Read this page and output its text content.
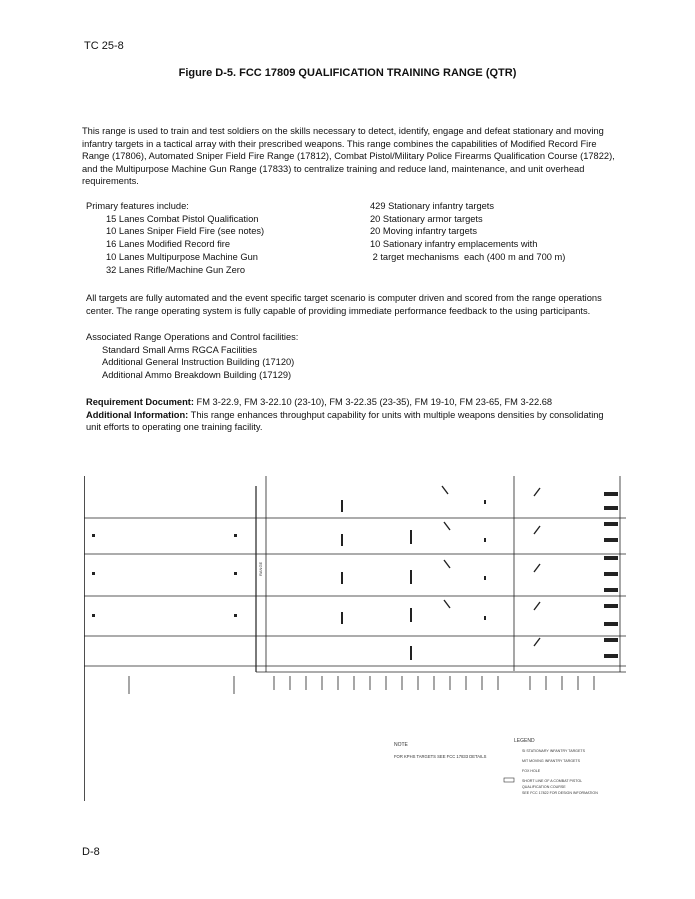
TC 25-8
Figure D-5. FCC 17809 QUALIFICATION TRAINING RANGE (QTR)
This range is used to train and test soldiers on the skills necessary to detect, identify, engage and defeat stationary and moving infantry targets in a tactical array with their prescribed weapons. This range combines the capabilities of Modified Record Fire Range (17806), Automated Sniper Field Fire Range (17812), Combat Pistol/Military Police Firearms Qualification Course (17822), and the Multipurpose Machine Gun Range (17833) to centralize training and reduce land, maintenance, and unit overhead requirements.
Primary features include:
15 Lanes Combat Pistol Qualification
10 Lanes Sniper Field Fire (see notes)
16 Lanes Modified Record fire
10 Lanes Multipurpose Machine Gun
32 Lanes Rifle/Machine Gun Zero
429 Stationary infantry targets
20 Stationary armor targets
20 Moving infantry targets
10 Sationary infantry emplacements with
2 target mechanisms  each (400 m and 700 m)
All targets are fully automated and the event specific target scenario is computer driven and scored from the range operations center. The range operating system is fully capable of providing immediate performance feedback to the using participants.
Associated Range Operations and Control facilities:
Standard Small Arms RGCA Facilities
Additional General Instruction Building (17120)
Additional Ammo Breakdown Building (17129)
Requirement Document: FM 3-22.9, FM 3-22.10 (23-10), FM 3-22.35 (23-35), FM 19-10, FM 23-65, FM 3-22.68
Additional Information: This range enhances throughput capability for units with multiple weapons densities by consolidating unit efforts to operating one training facility.
RANGE
NOTE
FOR KPHS TARGETS SEE FCC 17833 DETAILS
LEGEND
SI STATIONARY INFANTRY TARGETS
MIT MOVING INFANTRY TARGETS
FOX HOLE
SHORT LINE OF A COMBAT PISTOL
QUALIFICATION COURSE
SEE FCC 17822 FOR DESIGN INFORMATION
D-8
